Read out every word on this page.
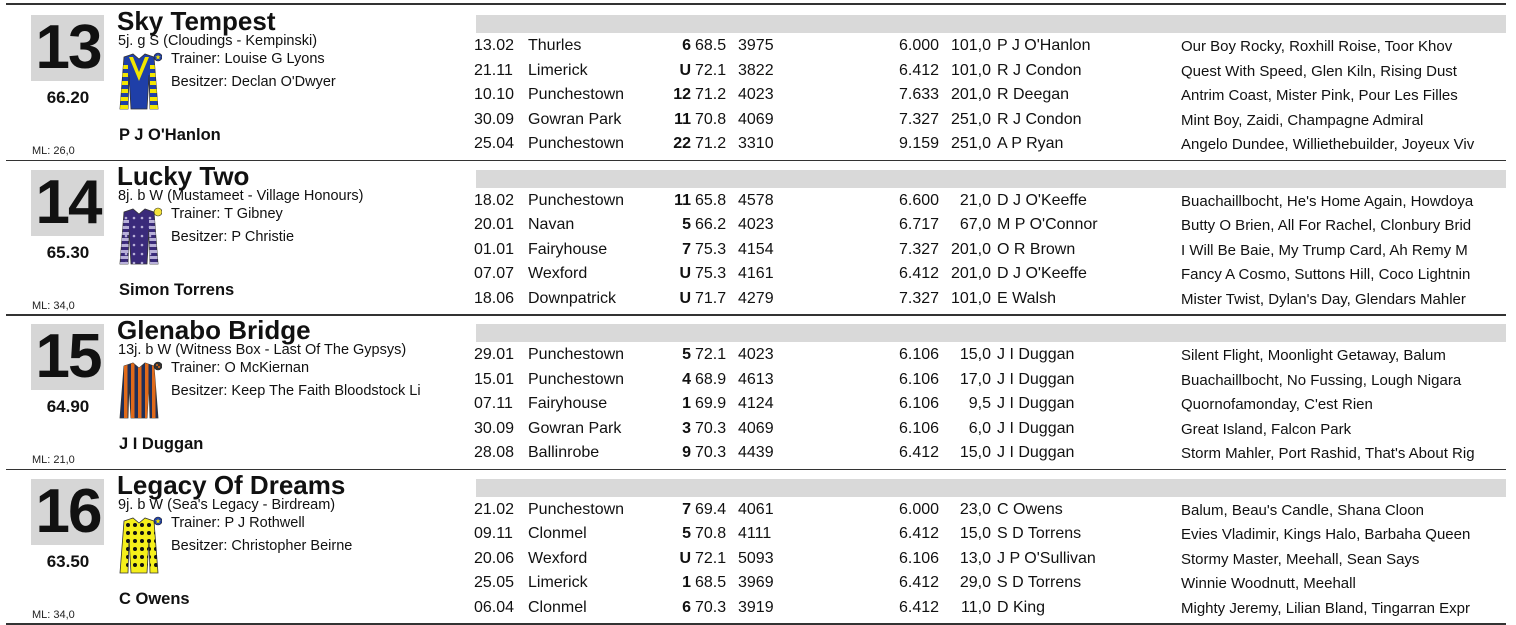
13
66.20
ML: 26,0
Sky Tempest
5j. g S (Cloudings - Kempinski)
★ Trainer: Louise G Lyons
Besitzer: Declan O'Dwyer
P J O'Hanlon
13.02 Thurles	6 68.5 3975	6.000 101,0 P J O'Hanlon	Our Boy Rocky, Roxhill Roise, Toor Khov
21.11 Limerick	U 72.1 3822	6.412 101,0 R J Condon	Quest With Speed, Glen Kiln, Rising Dust
10.10 Punchestown	12 71.2 4023	7.633 201,0 R Deegan	Antrim Coast, Mister Pink, Pour Les Filles
30.09 Gowran Park	11 70.8 4069	7.327 251,0 R J Condon	Mint Boy, Zaidi, Champagne Admiral
25.04 Punchestown	22 71.2 3310	9.159 251,0 A P Ryan	Angelo Dundee, Williethebuilder, Joyeux Viv
14
65.30
ML: 34,0
Lucky Two
8j. b W (Mustameet - Village Honours)
Trainer: T Gibney
Besitzer: P Christie
Simon Torrens
18.02 Punchestown	11 65.8 4578	6.600	21,0 D J O'Keeffe	Buachaillbocht, He's Home Again, Howdoya
20.01 Navan	5 66.2 4023	6.717	67,0 M P O'Connor	Butty O Brien, All For Rachel, Clonbury Brid
01.01 Fairyhouse	7 75.3 4154	7.327 201,0 O R Brown	I Will Be Baie, My Trump Card, Ah Remy M
07.07 Wexford	U 75.3 4161	6.412 201,0 D J O'Keeffe	Fancy A Cosmo, Suttons Hill, Coco Lightnin
18.06 Downpatrick	U 71.7 4279	7.327 101,0 E Walsh	Mister Twist, Dylan's Day, Glendars Mahler
15
64.90
ML: 21,0
Glenabo Bridge
13j. b W (Witness Box - Last Of The Gypsys)
Trainer: O McKiernan
Besitzer: Keep The Faith Bloodstock Li
J I Duggan
29.01 Punchestown	5 72.1 4023	6.106	15,0 J I Duggan	Silent Flight, Moonlight Getaway, Balum
15.01 Punchestown	4 68.9 4613	6.106	17,0 J I Duggan	Buachaillbocht, No Fussing, Lough Nigara
07.11 Fairyhouse	1 69.9 4124	6.106	9,5 J I Duggan	Quornofamonday, C'est Rien
30.09 Gowran Park	3 70.3 4069	6.106	6,0 J I Duggan	Great Island, Falcon Park
28.08 Ballinrobe	9 70.3 4439	6.412	15,0 J I Duggan	Storm Mahler, Port Rashid, That's About Rig
16
63.50
ML: 34,0
Legacy Of Dreams
9j. b W (Sea's Legacy - Birdream)
★ Trainer: P J Rothwell
Besitzer: Christopher Beirne
C Owens
21.02 Punchestown	7 69.4 4061	6.000	23,0 C Owens	Balum, Beau's Candle, Shana Cloon
09.11 Clonmel	5 70.8 4111	6.412	15,0 S D Torrens	Evies Vladimir, Kings Halo, Barbaha Queen
20.06 Wexford	U 72.1 5093	6.106	13,0 J P O'Sullivan	Stormy Master, Meehall, Sean Says
25.05 Limerick	1 68.5 3969	6.412	29,0 S D Torrens	Winnie Woodnutt, Meehall
06.04 Clonmel	6 70.3 3919	6.412	11,0 D King	Mighty Jeremy, Lilian Bland, Tingarran Expr
